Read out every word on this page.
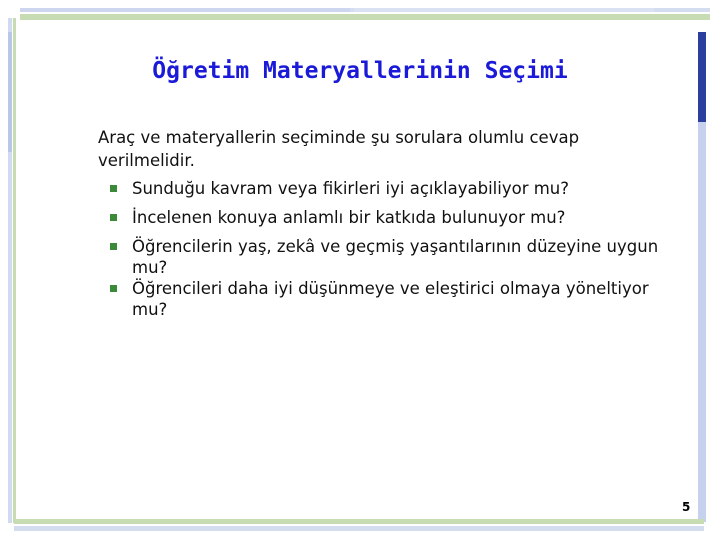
Öğretim Materyallerinin Seçimi
Araç ve materyallerin seçiminde şu sorulara olumlu cevap verilmelidir.
Sunduğu kavram veya fikirleri iyi açıklayabiliyor mu?
İncelenen konuya anlamlı bir katkıda bulunuyor mu?
Öğrencilerin yaş, zekâ ve geçmiş yaşantılarının düzeyine uygun mu?
Öğrencileri daha iyi düşünmeye ve eleştirici olmaya yöneltiyor mu?
5
